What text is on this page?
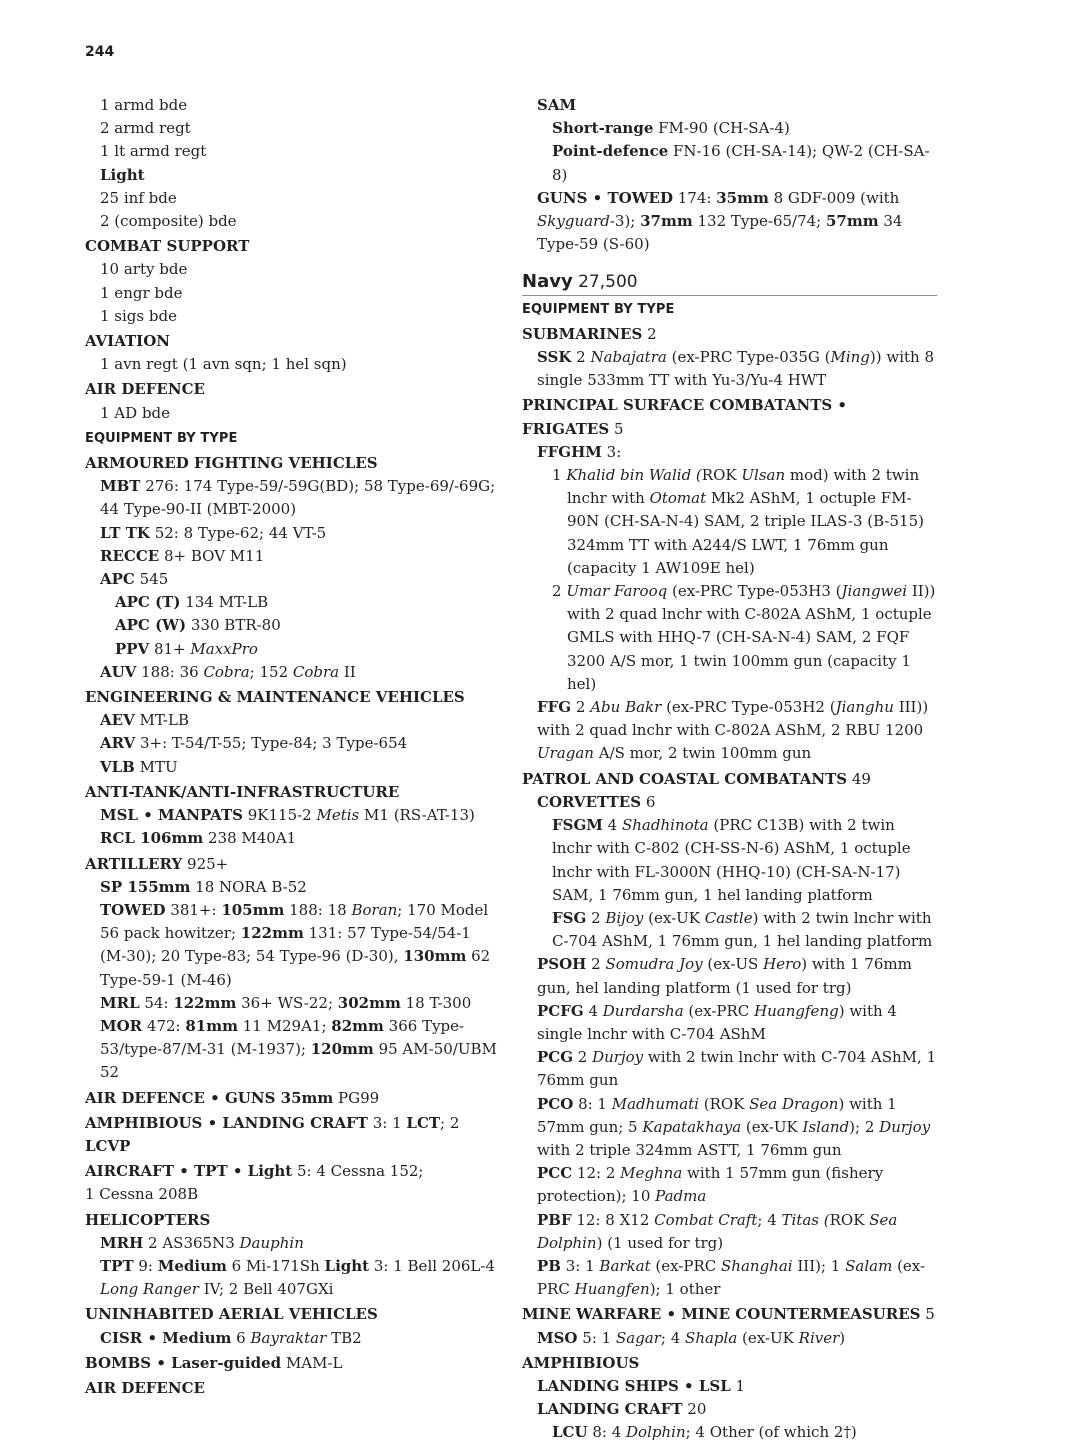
244
1 armd bde
2 armd regt
1 lt armd regt
Light
25 inf bde
2 (composite) bde
COMBAT SUPPORT
10 arty bde
1 engr bde
1 sigs bde
AVIATION
1 avn regt (1 avn sqn; 1 hel sqn)
AIR DEFENCE
1 AD bde
EQUIPMENT BY TYPE
ARMOURED FIGHTING VEHICLES
MBT 276: 174 Type-59/-59G(BD); 58 Type-69/-69G; 44 Type-90-II (MBT-2000)
LT TK 52: 8 Type-62; 44 VT-5
RECCE 8+ BOV M11
APC 545
APC (T) 134 MT-LB
APC (W) 330 BTR-80
PPV 81+ MaxxPro
AUV 188: 36 Cobra; 152 Cobra II
ENGINEERING & MAINTENANCE VEHICLES
AEV MT-LB
ARV 3+: T-54/T-55; Type-84; 3 Type-654
VLB MTU
ANTI-TANK/ANTI-INFRASTRUCTURE
MSL • MANPATS 9K115-2 Metis M1 (RS-AT-13)
RCL 106mm 238 M40A1
ARTILLERY 925+
SP 155mm 18 NORA B-52
TOWED 381+: 105mm 188: 18 Boran; 170 Model 56 pack howitzer; 122mm 131: 57 Type-54/54-1 (M-30); 20 Type-83; 54 Type-96 (D-30), 130mm 62 Type-59-1 (M-46)
MRL 54: 122mm 36+ WS-22; 302mm 18 T-300
MOR 472: 81mm 11 M29A1; 82mm 366 Type-53/type-87/M-31 (M-1937); 120mm 95 AM-50/UBM 52
AIR DEFENCE • GUNS 35mm PG99
AMPHIBIOUS • LANDING CRAFT 3: 1 LCT; 2 LCVP
AIRCRAFT • TPT • Light 5: 4 Cessna 152;
1 Cessna 208B
HELICOPTERS
MRH 2 AS365N3 Dauphin
TPT 9: Medium 6 Mi-171Sh Light 3: 1 Bell 206L-4 Long Ranger IV; 2 Bell 407GXi
UNINHABITED AERIAL VEHICLES
CISR • Medium 6 Bayraktar TB2
BOMBS • Laser-guided MAM-L
AIR DEFENCE
SAM
Short-range FM-90 (CH-SA-4)
Point-defence FN-16 (CH-SA-14); QW-2 (CH-SA-8)
GUNS • TOWED 174: 35mm 8 GDF-009 (with Skyguard-3); 37mm 132 Type-65/74; 57mm 34 Type-59 (S-60)
Navy 27,500
EQUIPMENT BY TYPE
SUBMARINES 2
SSK 2 Nabajatra (ex-PRC Type-035G (Ming)) with 8 single 533mm TT with Yu-3/Yu-4 HWT
PRINCIPAL SURFACE COMBATANTS • FRIGATES 5
FFGHM 3:
1 Khalid bin Walid (ROK Ulsan mod) with 2 twin lnchr with Otomat Mk2 AShM, 1 octuple FM-90N (CH-SA-N-4) SAM, 2 triple ILAS-3 (B-515) 324mm TT with A244/S LWT, 1 76mm gun (capacity 1 AW109E hel)
2 Umar Farooq (ex-PRC Type-053H3 (Jiangwei II)) with 2 quad lnchr with C-802A AShM, 1 octuple GMLS with HHQ-7 (CH-SA-N-4) SAM, 2 FQF 3200 A/S mor, 1 twin 100mm gun (capacity 1 hel)
FFG 2 Abu Bakr (ex-PRC Type-053H2 (Jianghu III)) with 2 quad lnchr with C-802A AShM, 2 RBU 1200 Uragan A/S mor, 2 twin 100mm gun
PATROL AND COASTAL COMBATANTS 49
CORVETTES 6
FSGM 4 Shadhinota (PRC C13B) with 2 twin lnchr with C-802 (CH-SS-N-6) AShM, 1 octuple lnchr with FL-3000N (HHQ-10) (CH-SA-N-17) SAM, 1 76mm gun, 1 hel landing platform
FSG 2 Bijoy (ex-UK Castle) with 2 twin lnchr with C-704 AShM, 1 76mm gun, 1 hel landing platform
PSOH 2 Somudra Joy (ex-US Hero) with 1 76mm gun, hel landing platform (1 used for trg)
PCFG 4 Durdarsha (ex-PRC Huangfeng) with 4 single lnchr with C-704 AShM
PCG 2 Durjoy with 2 twin lnchr with C-704 AShM, 1 76mm gun
PCO 8: 1 Madhumati (ROK Sea Dragon) with 1 57mm gun; 5 Kapatakhaya (ex-UK Island); 2 Durjoy with 2 triple 324mm ASTT, 1 76mm gun
PCC 12: 2 Meghna with 1 57mm gun (fishery protection); 10 Padma
PBF 12: 8 X12 Combat Craft; 4 Titas (ROK Sea Dolphin) (1 used for trg)
PB 3: 1 Barkat (ex-PRC Shanghai III); 1 Salam (ex-PRC Huangfen); 1 other
MINE WARFARE • MINE COUNTERMEASURES 5
MSO 5: 1 Sagar; 4 Shapla (ex-UK River)
AMPHIBIOUS
LANDING SHIPS • LSL 1
LANDING CRAFT 20
LCU 8: 4 Dolphin; 4 Other (of which 2†)
